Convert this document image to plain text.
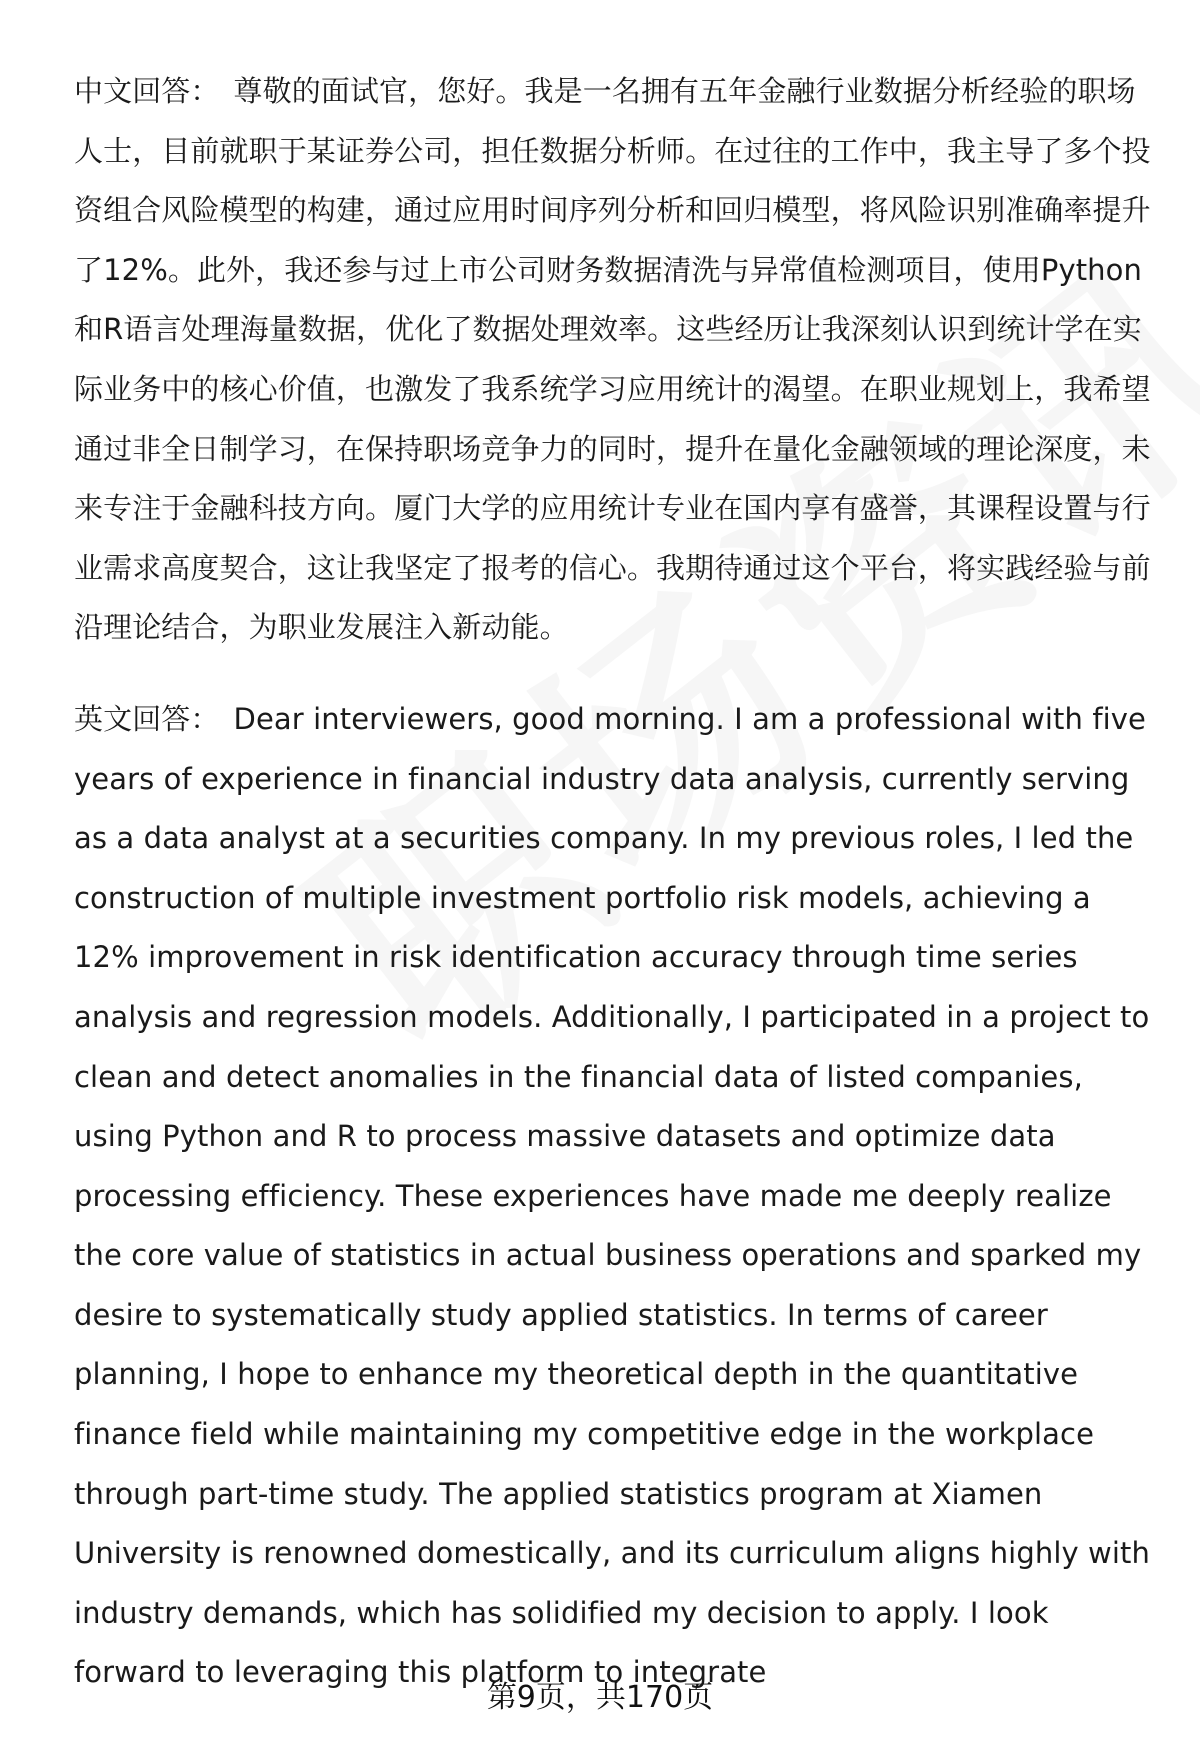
中文回答： 尊敬的面试官，您好。我是一名拥有五年金融行业数据分析经验的职场人士，目前就职于某证券公司，担任数据分析师。在过往的工作中，我主导了多个投资组合风险模型的构建，通过应用时间序列分析和回归模型，将风险识别准确率提升了12%。此外，我还参与过上市公司财务数据清洗与异常值检测项目，使用Python和R语言处理海量数据，优化了数据处理效率。这些经历让我深刻认识到统计学在实际业务中的核心价值，也激发了我系统学习应用统计的渴望。在职业规划上，我希望通过非全日制学习，在保持职场竞争力的同时，提升在量化金融领域的理论深度，未来专注于金融科技方向。厦门大学的应用统计专业在国内享有盛誉，其课程设置与行业需求高度契合，这让我坚定了报考的信心。我期待通过这个平台，将实践经验与前沿理论结合，为职业发展注入新动能。

英文回答： Dear interviewers, good morning. I am a professional with five years of experience in financial industry data analysis, currently serving as a data analyst at a securities company. In my previous roles, I led the construction of multiple investment portfolio risk models, achieving a 12% improvement in risk identification accuracy through time series analysis and regression models. Additionally, I participated in a project to clean and detect anomalies in the financial data of listed companies, using Python and R to process massive datasets and optimize data processing efficiency. These experiences have made me deeply realize the core value of statistics in actual business operations and sparked my desire to systematically study applied statistics. In terms of career planning, I hope to enhance my theoretical depth in the quantitative finance field while maintaining my competitive edge in the workplace through part-time study. The applied statistics program at Xiamen University is renowned domestically, and its curriculum aligns highly with industry demands, which has solidified my decision to apply. I look forward to leveraging this platform to integrate

第9页，共170页
